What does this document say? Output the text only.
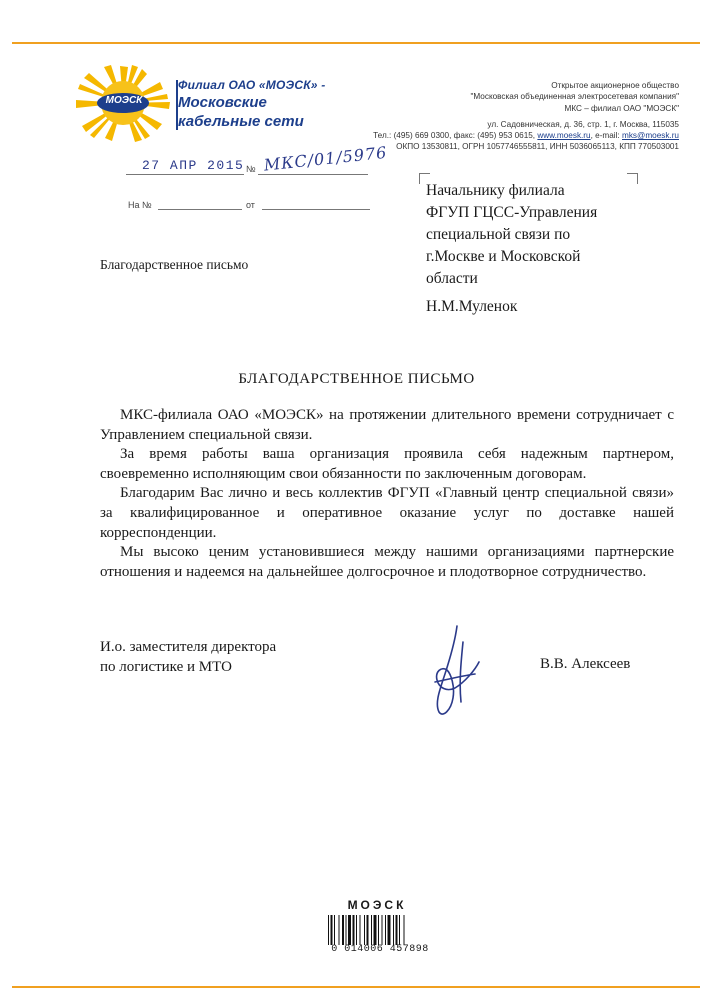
МОЭСК
Филиал ОАО «МОЭСК» -
Московские
кабельные сети
Открытое акционерное общество
"Московская объединенная электросетевая компания"
МКС – филиал ОАО "МОЭСК"
ул. Садовническая, д. 36, стр. 1, г. Москва, 115035
Тел.: (495) 669 0300, факс: (495) 953 0615, www.moesk.ru, e-mail: mks@moesk.ru
ОКПО 13530811, ОГРН 1057746555811, ИНН 5036065113, КПП 770503001
27 АПР 2015 № МКС/01/5976
На №	от
Начальнику филиала
ФГУП ГЦСС-Управления
специальной связи по
г.Москве и Московской
области
Н.М.Муленок
Благодарственное письмо
БЛАГОДАРСТВЕННОЕ ПИСЬМО

МКС-филиала ОАО «МОЭСК» на протяжении длительного времени сотрудничает с Управлением специальной связи.

За время работы ваша организация проявила себя надежным партнером, своевременно исполняющим свои обязанности по заключенным договорам.

Благодарим Вас лично и весь коллектив ФГУП «Главный центр специальной связи» за квалифицированное и оперативное оказание услуг по доставке нашей корреспонденции.

Мы высоко ценим установившиеся между нашими организациями партнерские отношения и надеемся на дальнейшее долгосрочное и плодотворное сотрудничество.

И.о. заместителя директора
по логистике и МТО	В.В. Алексеев
МОЭСК
0 014006 457898
